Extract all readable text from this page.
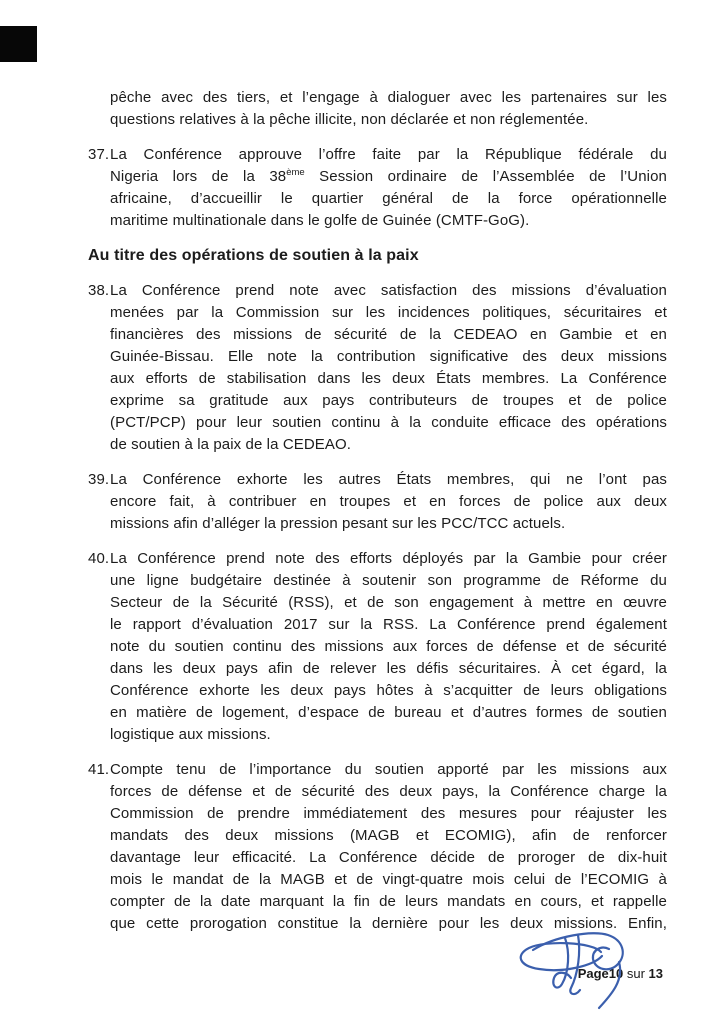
pêche avec des tiers, et l’engage à dialoguer avec les partenaires sur les
questions relatives à la pêche illicite, non déclarée et non réglementée.
37. La Conférence approuve l’offre faite par la République fédérale du
Nigeria lors de la 38ème Session ordinaire de l’Assemblée de l’Union
africaine, d’accueillir le quartier général de la force opérationnelle
maritime multinationale dans le golfe de Guinée (CMTF-GoG).
Au titre des opérations de soutien à la paix
38. La Conférence prend note avec satisfaction des missions d’évaluation
menées par la Commission sur les incidences politiques, sécuritaires et
financières des missions de sécurité de la CEDEAO en Gambie et en
Guinée-Bissau. Elle note la contribution significative des deux missions
aux efforts de stabilisation dans les deux États membres. La Conférence
exprime sa gratitude aux pays contributeurs de troupes et de police
(PCT/PCP) pour leur soutien continu à la conduite efficace des opérations
de soutien à la paix de la CEDEAO.
39. La Conférence exhorte les autres États membres, qui ne l’ont pas
encore fait, à contribuer en troupes et en forces de police aux deux
missions afin d’alléger la pression pesant sur les PCC/TCC actuels.
40. La Conférence prend note des efforts déployés par la Gambie pour créer
une ligne budgétaire destinée à soutenir son programme de Réforme du
Secteur de la Sécurité (RSS), et de son engagement à mettre en œuvre
le rapport d’évaluation 2017 sur la RSS. La Conférence prend également
note du soutien continu des missions aux forces de défense et de sécurité
dans les deux pays afin de relever les défis sécuritaires. À cet égard, la
Conférence exhorte les deux pays hôtes à s’acquitter de leurs obligations
en matière de logement, d’espace de bureau et d’autres formes de soutien
logistique aux missions.
41. Compte tenu de l’importance du soutien apporté par les missions aux
forces de défense et de sécurité des deux pays, la Conférence charge la
Commission de prendre immédiatement des mesures pour réajuster les
mandats des deux missions (MAGB et ECOMIG), afin de renforcer
davantage leur efficacité. La Conférence décide de proroger de dix-huit
mois le mandat de la MAGB et de vingt-quatre mois celui de l’ECOMIG à
compter de la date marquant la fin de leurs mandats en cours, et rappelle
que cette prorogation constitue la dernière pour les deux missions. Enfin,
Page10 sur 13
